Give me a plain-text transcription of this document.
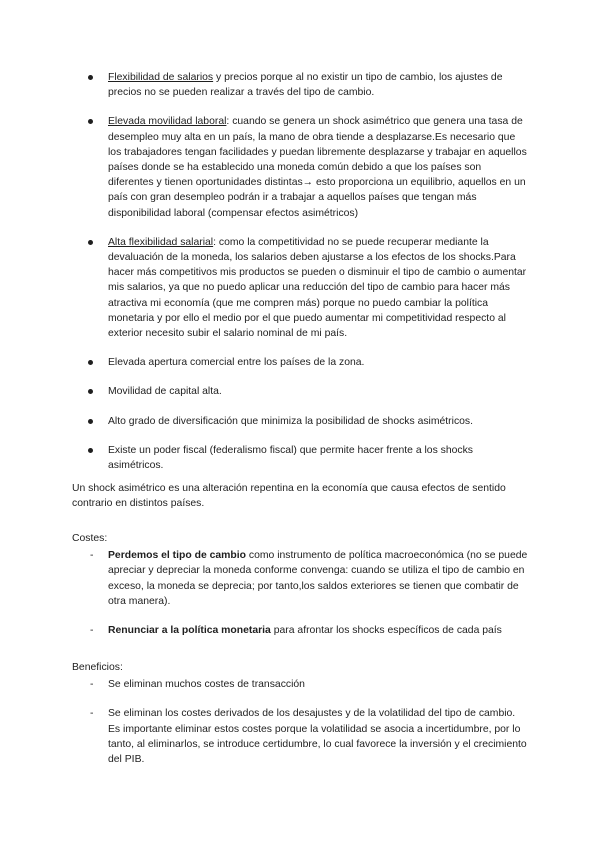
Flexibilidad de salarios y precios porque al no existir un tipo de cambio, los ajustes de precios no se pueden realizar a través del tipo de cambio.
Elevada movilidad laboral: cuando se genera un shock asimétrico que genera una tasa de desempleo muy alta en un país, la mano de obra tiende a desplazarse.Es necesario que los trabajadores tengan facilidades y puedan libremente desplazarse y trabajar en aquellos países donde se ha establecido una moneda común debido a que los países son diferentes y tienen oportunidades distintas→ esto proporciona un equilibrio, aquellos en un país con gran desempleo podrán ir a trabajar a aquellos países que tengan más disponibilidad laboral (compensar efectos asimétricos)
Alta flexibilidad salarial: como la competitividad no se puede recuperar mediante la devaluación de la moneda, los salarios deben ajustarse a los efectos de los shocks.Para hacer más competitivos mis productos se pueden o disminuir el tipo de cambio o aumentar mis salarios, ya que no puedo aplicar una reducción del tipo de cambio para hacer más atractiva mi economía (que me compren más) porque no puedo cambiar la política monetaria y por ello el medio por el que puedo aumentar mi competitividad respecto al exterior necesito subir el salario nominal de mi país.
Elevada apertura comercial entre los países de la zona.
Movilidad de capital alta.
Alto grado de diversificación que minimiza la posibilidad de shocks asimétricos.
Existe un poder fiscal (federalismo fiscal) que permite hacer frente a los shocks asimétricos.
Un shock asimétrico es una alteración repentina en la economía que causa efectos de sentido contrario en distintos países.
Costes:
- Perdemos el tipo de cambio como instrumento de política macroeconómica (no se puede apreciar y depreciar la moneda conforme convenga: cuando se utiliza el tipo de cambio en exceso, la moneda se deprecia; por tanto,los saldos exteriores se tienen que combatir de otra manera).
- Renunciar a la política monetaria para afrontar los shocks específicos de cada país
Beneficios:
- Se eliminan muchos costes de transacción
- Se eliminan los costes derivados de los desajustes y de la volatilidad del tipo de cambio. Es importante eliminar estos costes porque la volatilidad se asocia a incertidumbre, por lo tanto, al eliminarlos, se introduce certidumbre, lo cual favorece la inversión y el crecimiento del PIB.
